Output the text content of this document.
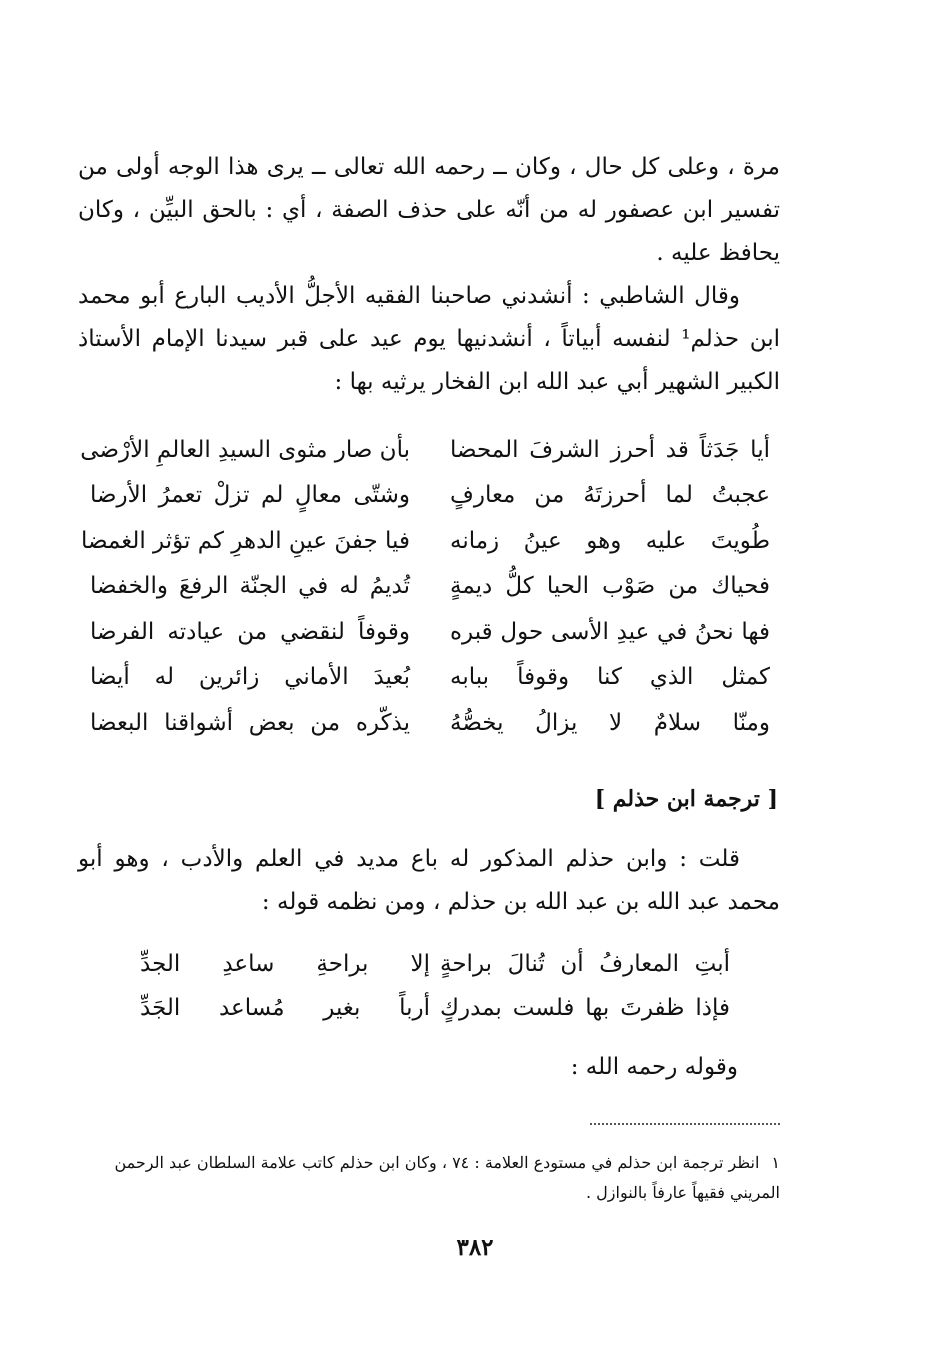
مرة ، وعلى كل حال ، وكان ــ رحمه الله تعالى ــ يرى هذا الوجه أولى من تفسير ابن عصفور له من أنّه على حذف الصفة ، أي : بالحق البيِّن ، وكان يحافظ عليه .

وقال الشاطبي : أنشدني صاحبنا الفقيه الأجلُّ الأديب البارع أبو محمد ابن حذلم¹ لنفسه أبياتاً ، أنشدنيها يوم عيد على قبر سيدنا الإمام الأستاذ الكبير الشهير أبي عبد الله ابن الفخار يرثيه بها :

أيا جَدَثاً قد أحرز الشرفَ المحضا
بأن صار مثوى السيدِ العالمِ الأرْضى
عجبتُ لما أحرزتَهُ من معارفٍ
وشتّى معالٍ لم تزلْ تعمرُ الأرضا
طُويتَ عليه وهو عينُ زمانه
فيا جفنَ عينِ الدهرِ كم تؤثر الغمضا
فحياك من صَوْب الحيا كلُّ ديمةٍ
تُديمُ له في الجنّة الرفعَ والخفضا
فها نحنُ في عيدِ الأسى حول قبره
وقوفاً لنقضي من عيادته الفرضا
كمثل الذي كنا وقوفاً ببابه
بُعيدَ الأماني زائرين له أيضا
ومنّا سلامٌ لا يزالُ يخصُّهُ
يذكّره من بعض أشواقنا البعضا
[ ترجمة ابن حذلم ]

قلت : وابن حذلم المذكور له باع مديد في العلم والأدب ، وهو أبو محمد عبد الله بن عبد الله بن حذلم ، ومن نظمه قوله :

أبتِ المعارفُ أن تُنالَ براحةٍ
إلا براحةِ ساعدِ الجدِّ
فإذا ظفرتَ بها فلست بمدركٍ
أرباً بغير مُساعد الجَدِّ
وقوله رحمه الله :
١انظر ترجمة ابن حذلم في مستودع العلامة : ٧٤ ، وكان ابن حذلم كاتب علامة السلطان عبد الرحمن المريني فقيهاً عارفاً بالنوازل .
٣٨٢
